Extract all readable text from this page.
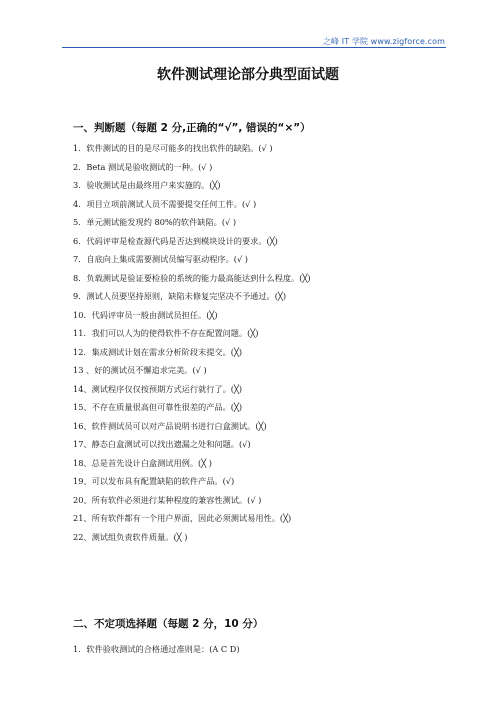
之峰 IT 学院 www.zigforce.com
软件测试理论部分典型面试题
一、判断题（每题 2 分,正确的“√”, 错误的“×”）
1．软件测试的目的是尽可能多的找出软件的缺陷。(√ )
2．Beta 测试是验收测试的一种。(√ )
3．验收测试是由最终用户来实施的。(╳)
4．项目立项前测试人员不需要提交任何工件。(√ )
5．单元测试能发现约 80%的软件缺陷。(√ )
6．代码评审是检查源代码是否达到模块设计的要求。(╳)
7．自底向上集成需要测试员编写驱动程序。(√ )
8．负载测试是验证要检验的系统的能力最高能达到什么程度。(╳)
9．测试人员要坚持原则，缺陷未修复完坚决不予通过。(╳)
10．代码评审员一般由测试员担任。(╳)
11．我们可以人为的使得软件不存在配置问题。(╳)
12．集成测试计划在需求分析阶段末提交。(╳)
13 、好的测试员不懈追求完美。(√ )
14、测试程序仅仅按预期方式运行就行了。(╳)
15、不存在质量很高但可靠性很差的产品。(╳)
16、软件测试员可以对产品说明书进行白盒测试。(╳)
17、静态白盒测试可以找出遗漏之处和问题。(√)
18、总是首先设计白盒测试用例。(╳ )
19、可以发布具有配置缺陷的软件产品。(√)
20、所有软件必须进行某种程度的兼容性测试。(√ )
21、所有软件都有一个用户界面，因此必须测试易用性。(╳)
22、测试组负责软件质量。(╳ )
二、不定项选择题（每题 2 分，10 分）
1．软件验收测试的合格通过准则是：(A C D)
